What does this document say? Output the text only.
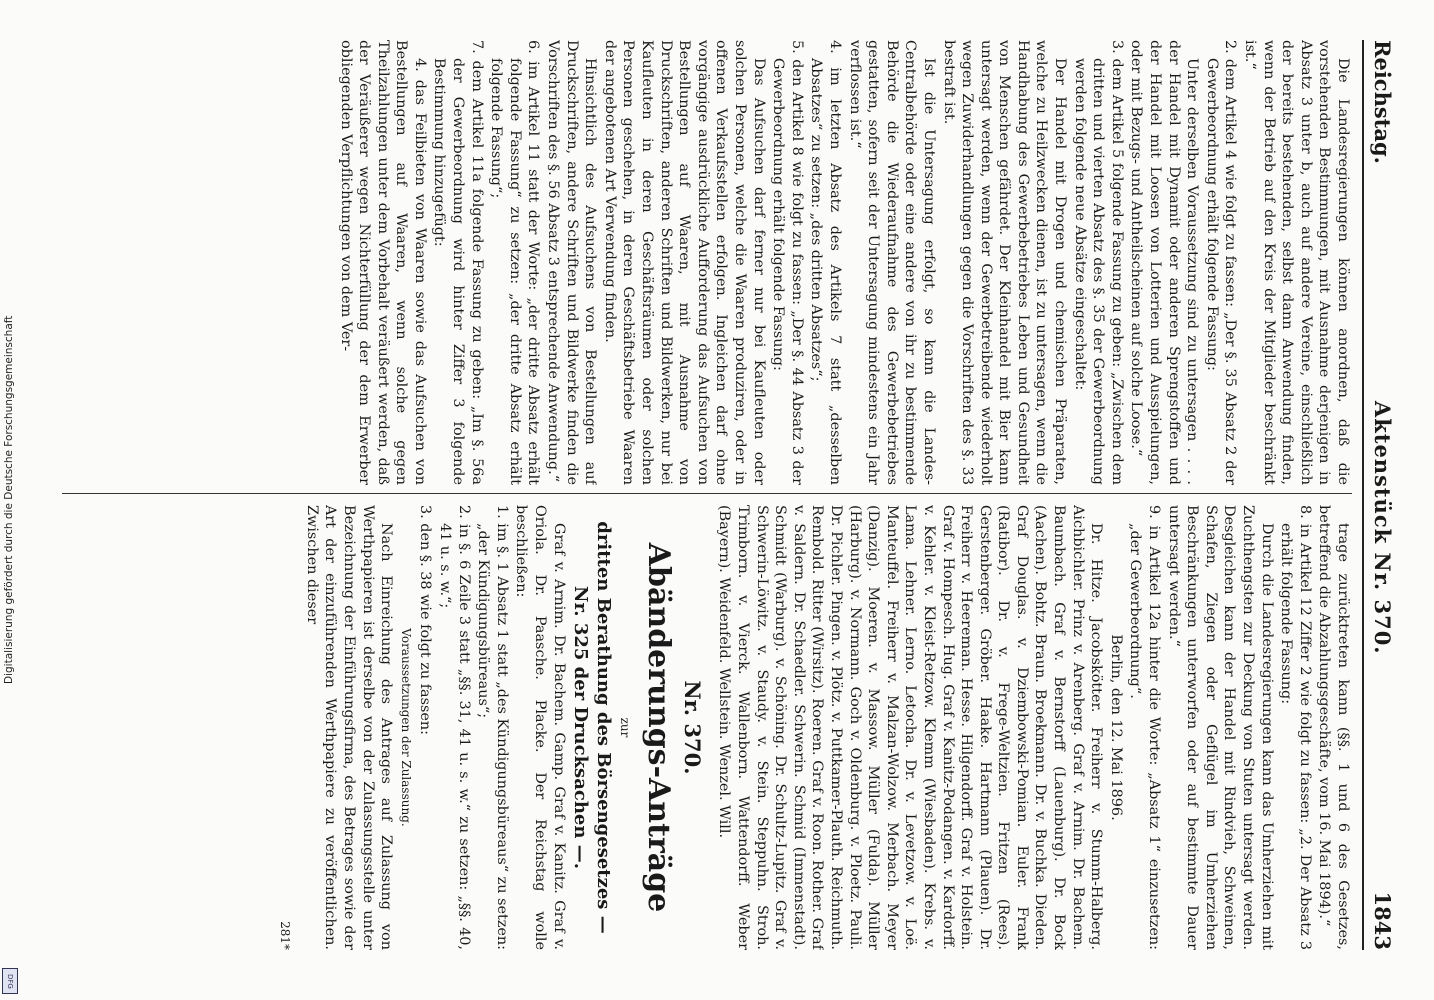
Reichstag.
Aktenstück Nr. 370.
1843

Die Landesregierungen können anordnen, daß die vorstehenden Bestimmungen, mit Ausnahme derjenigen in Absatz 3 unter b, auch auf andere Vereine, einschließlich der bereits bestehenden, selbst dann Anwendung finden, wenn der Betrieb auf den Kreis der Mitglieder beschränkt ist.“

2. dem Artikel 4 wie folgt zu fassen: „Der §. 35 Absatz 2 der Gewerbeordnung erhält folgende Fassung:

Unter derselben Voraussetzung sind zu untersagen . . . . der Handel mit Dynamit oder anderen Sprengstoffen und der Handel mit Loosen von Lotterien und Ausspielungen, oder mit Bezugs- und Antheilscheinen auf solche Loose.“

3. dem Artikel 5 folgende Fassung zu geben: „Zwischen dem dritten und vierten Absatz des §. 35 der Gewerbeordnung werden folgende neue Absätze eingeschaltet:

Der Handel mit Drogen und chemischen Präparaten, welche zu Heilzwecken dienen, ist zu untersagen, wenn die Handhabung des Gewerbebetriebes Leben und Gesundheit von Menschen gefährdet. Der Kleinhandel mit Bier kann untersagt werden, wenn der Gewerbetreibende wiederholt wegen Zuwiderhandlungen gegen die Vorschriften des §. 33 bestraft ist.

Ist die Untersagung erfolgt, so kann die Landes-Centralbehörde oder eine andere von ihr zu bestimmende Behörde die Wiederaufnahme des Gewerbebetriebes gestatten, sofern seit der Untersagung mindestens ein Jahr verflossen ist.“

4. im letzten Absatz des Artikels 7 statt „desselben Absatzes“ zu setzen: „des dritten Absatzes“;

5. den Artikel 8 wie folgt zu fassen: „Der §. 44 Absatz 3 der Gewerbeordnung erhält folgende Fassung:

Das Aufsuchen darf ferner nur bei Kaufleuten oder solchen Personen, welche die Waaren produziren, oder in offenen Verkaufsstellen erfolgen. Ingleichen darf ohne vorgängige ausdrückliche Aufforderung das Aufsuchen von Bestellungen auf Waaren, mit Ausnahme von Druckschriften, anderen Schriften und Bildwerken, nur bei Kaufleuten in deren Geschäftsräumen oder solchen Personen geschehen, in deren Geschäftsbetriebe Waaren der angebotenen Art Verwendung finden.

Hinsichtlich des Aufsuchens von Bestellungen auf Druckschriften, andere Schriften und Bildwerke finden die Vorschriften des §. 56 Absatz 3 entsprechende Anwendung.“

6. im Artikel 11 statt der Worte: „der dritte Absatz erhält folgende Fassung“ zu setzen: „der dritte Absatz erhält folgende Fassung“;

7. dem Artikel 11a folgende Fassung zu geben: „Im §. 56a der Gewerbeordnung wird hinter Ziffer 3 folgende Bestimmung hinzugefügt:

4. das Feilbieten von Waaren sowie das Aufsuchen von Bestellungen auf Waaren, wenn solche gegen Theilzahlungen unter dem Vorbehalt veräußert werden, daß der Veräußerer wegen Nichterfüllung der dem Erwerber obliegenden Verpflichtungen von dem Ver-

trage zurücktreten kann (§§. 1 und 6 des Gesetzes, betreffend die Abzahlungsgeschäfte, vom 16. Mai 1894).“

8. in Artikel 12 Ziffer 2 wie folgt zu fassen: „2. Der Absatz 3 erhält folgende Fassung:

Durch die Landesregierungen kann das Umherziehen mit Zuchthengsten zur Deckung von Stuten untersagt werden. Desgleichen kann der Handel mit Rindvieh, Schweinen, Schafen, Ziegen oder Geflügel im Umherziehen Beschränkungen unterworfen oder auf bestimmte Dauer untersagt werden.“

9. in Artikel 12a hinter die Worte: „Absatz 1“ einzusetzen: „der Gewerbeordnung“.

Berlin, den 12. Mai 1896.

Dr. Hitze. Jacobskötter. Freiherr v. Stumm-Halberg. Aichbichler. Prinz v. Arenberg. Graf v. Arnim. Dr. Bachem. Baumbach. Graf v. Bernstorff (Lauenburg). Dr. Bock (Aachen). Bohtz. Braun. Broekmann. Dr. v. Buchka. Dieden. Graf Douglas. v. Dziembowski-Pomian. Euler. Frank (Ratibor). Dr. v. Frege-Weltzien. Fritzen (Rees). Gerstenberger. Gröber. Haake. Hartmann (Plauen). Dr. Freiherr v. Heereman. Hesse. Hilgendorff. Graf v. Holstein. Graf v. Hompesch. Hug. Graf v. Kanitz-Podangen. v. Kardorff. v. Kehler. v. Kleist-Retzow. Klemm (Wiesbaden). Krebs. v. Lama. Lehner. Lerno. Letocha. Dr. v. Levetzow. v. Loë. Manteuffel. Freiherr v. Malzan-Wolzow. Merbach. Meyer (Danzig). Moeren. v. Massow. Müller (Fulda). Müller (Harburg). v. Normann. Goch v. Oldenburg. v. Ploetz. Pauli. Dr. Pichler. Pingen. v. Plötz. v. Puttkamer-Plauth. Reichmuth. Rembold. Ritter (Wirsitz). Roeren. Graf v. Roon. Rother. Graf v. Saldern. Dr. Schaedler. Schwerin. Schmid (Immenstadt). Schmidt (Warburg). v. Schöning. Dr. Schultz-Lupitz. Graf v. Schwerin-Löwitz. v. Staudy. v. Stein. Steppuhn. Stroh. Trimborn. v. Vierck. Wallenborn. Wattendorff. Weber (Bayern). Weidenfeld. Wellstein. Wenzel. Will.

Nr. 370.

Abänderungs-Anträge

zur

dritten Berathung des Börsengesetzes — Nr. 325 der Drucksachen —.

Graf v. Arnim. Dr. Bachem. Gamp. Graf v. Kanitz. Graf v. Oriola. Dr. Paasche. Placke. Der Reichstag wolle beschließen:

1. im §. 1 Absatz 1 statt „des Kündigungsbüreaus“ zu setzen: „der Kündigungsbüreaus“;

2. in §. 6 Zeile 3 statt „§§. 31, 41 u. s. w.“ zu setzen: „§§. 40, 41 u. s. w.“;

3. den §. 38 wie folgt zu fassen:

Voraussetzungen der Zulassung.

Nach Einreichung des Antrages auf Zulassung von Werthpapieren ist derselbe von der Zulassungsstelle unter Bezeichnung der Einführungsfirma, des Betrages sowie der Art der einzuführenden Werthpapiere zu veröffentlichen. Zwischen dieser

281*

Digitalisierung gefördert durch die Deutsche Forschungsgemeinschaft
DFG
